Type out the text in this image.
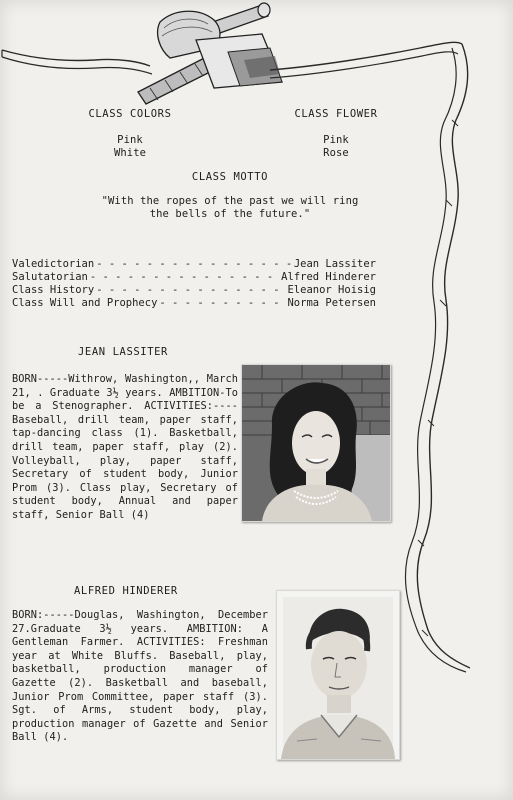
CLASS COLORS
Pink
White
CLASS FLOWER
Pink
Rose
CLASS MOTTO
"With the ropes of the past we will ring
the bells of the future."
Valedictorian - - -	Jean Lassiter
Salutatorian - - -	Alfred Hinderer
Class History - - -	Eleanor Hoisig
Class Will and Prophecy - - -	Norma Petersen
JEAN LASSITER
BORN-----Withrow, Washington,, March 21, . Graduate 3½ years. AMBITION-To be a Stenographer. ACTIVITIES:----Baseball, drill team, paper staff, tap-dancing class (1). Basketball, drill team, paper staff, play (2). Volleyball, play, paper staff, Secretary of student body, Junior Prom (3). Class play, Secretary of student body, Annual and paper staff, Senior Ball (4)
ALFRED HINDERER
BORN:-----Douglas, Washington, December 27.Graduate 3½ years. AMBITION: A Gentleman Farmer. ACTIVITIES: Freshman year at White Bluffs. Baseball, play, basketball, production manager of Gazette (2). Basketball and baseball, Junior Prom Committee, paper staff (3). Sgt. of Arms, student body, play, production manager of Gazette and Senior Ball (4).
